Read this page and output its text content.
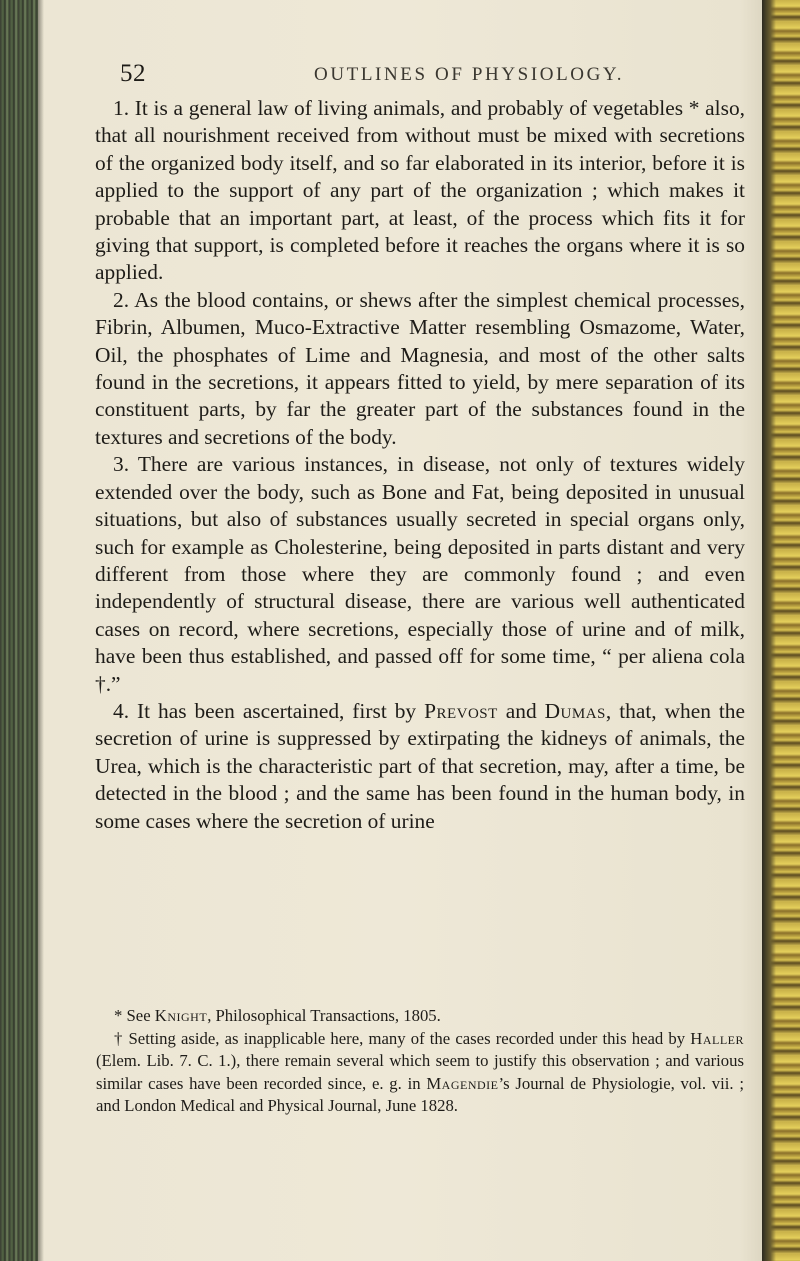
52	OUTLINES OF PHYSIOLOGY.

1. It is a general law of living animals, and probably of vegetables * also, that all nourishment received from without must be mixed with secretions of the organized body itself, and so far elaborated in its interior, before it is applied to the support of any part of the organization ; which makes it probable that an important part, at least, of the process which fits it for giving that support, is completed before it reaches the organs where it is so applied.

2. As the blood contains, or shews after the simplest chemical processes, Fibrin, Albumen, Muco-Extractive Matter resembling Osmazome, Water, Oil, the phosphates of Lime and Magnesia, and most of the other salts found in the secretions, it appears fitted to yield, by mere separation of its constituent parts, by far the greater part of the substances found in the textures and secretions of the body.

3. There are various instances, in disease, not only of textures widely extended over the body, such as Bone and Fat, being deposited in unusual situations, but also of substances usually secreted in special organs only, such for example as Cholesterine, being deposited in parts distant and very different from those where they are commonly found ; and even independently of structural disease, there are various well authenticated cases on record, where secretions, especially those of urine and of milk, have been thus established, and passed off for some time, “ per aliena cola †.”

4. It has been ascertained, first by Prevost and Dumas, that, when the secretion of urine is suppressed by extirpating the kidneys of animals, the Urea, which is the characteristic part of that secretion, may, after a time, be detected in the blood ; and the same has been found in the human body, in some cases where the secretion of urine

* See Knight, Philosophical Transactions, 1805.

† Setting aside, as inapplicable here, many of the cases recorded under this head by Haller (Elem. Lib. 7. C. 1.), there remain several which seem to justify this observation ; and various similar cases have been recorded since, e. g. in Magendie’s Journal de Physiologie, vol. vii. ; and London Medical and Physical Journal, June 1828.
